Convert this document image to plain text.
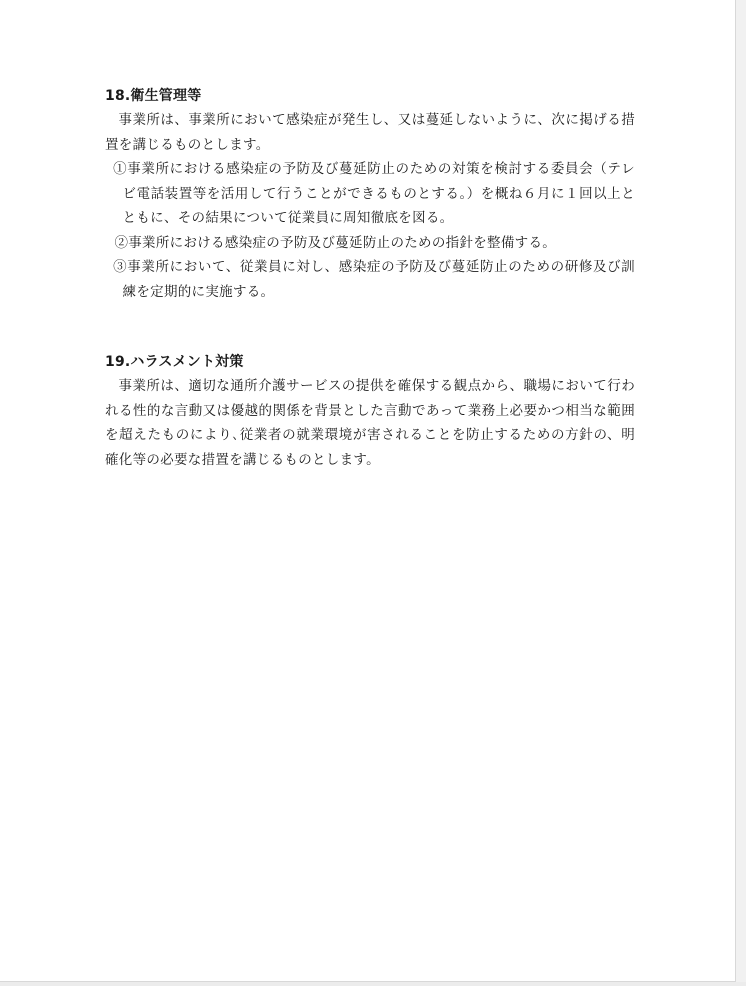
18.衛生管理等

事業所は、事業所において感染症が発生し、又は蔓延しないように、次に掲げる措置を講じるものとします。

①事業所における感染症の予防及び蔓延防止のための対策を検討する委員会（テレビ電話装置等を活用して行うことができるものとする。）を概ね６月に１回以上とともに、その結果について従業員に周知徹底を図る。

②事業所における感染症の予防及び蔓延防止のための指針を整備する。

③事業所において、従業員に対し、感染症の予防及び蔓延防止のための研修及び訓練を定期的に実施する。

19.ハラスメント対策

事業所は、適切な通所介護サービスの提供を確保する観点から、職場において行われる性的な言動又は優越的関係を背景とした言動であって業務上必要かつ相当な範囲を超えたものにより､従業者の就業環境が害されることを防止するための方針の、明確化等の必要な措置を講じるものとします。
